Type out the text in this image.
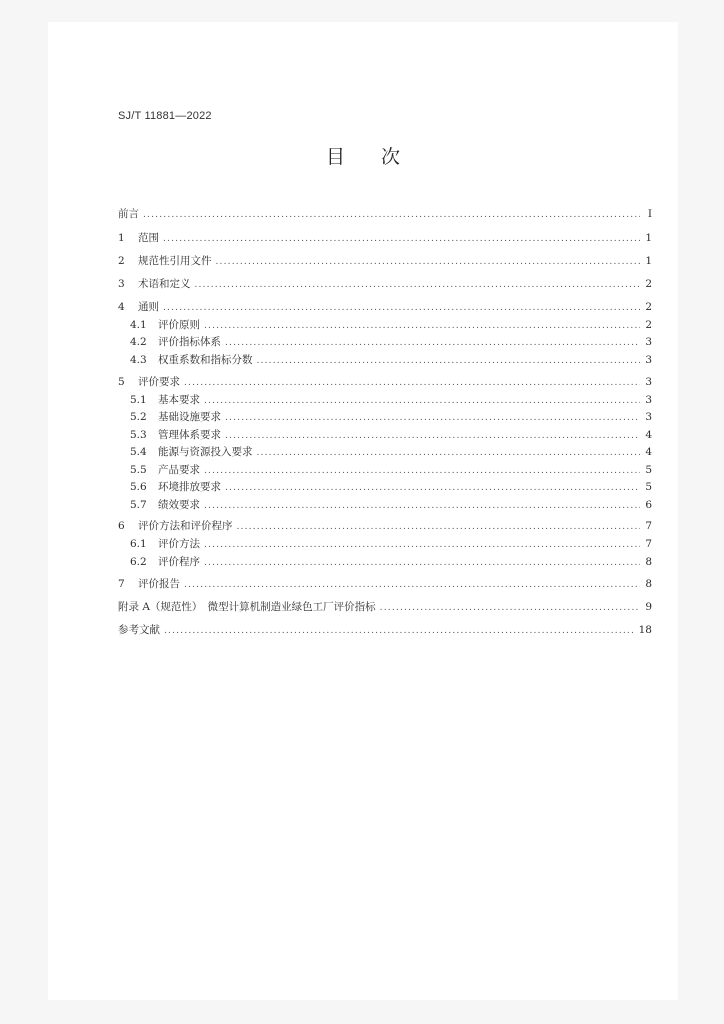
SJ/T 11881—2022
目次
前言 .....	I
1	范围 .....	1
2	规范性引用文件 .....	1
3	术语和定义 .....	2
4	通则 .....	2
4.1	评价原则 .....	2
4.2	评价指标体系 .....	3
4.3	权重系数和指标分数 .....	3
5	评价要求 .....	3
5.1	基本要求 .....	3
5.2	基础设施要求 .....	3
5.3	管理体系要求 .....	4
5.4	能源与资源投入要求 .....	4
5.5	产品要求 .....	5
5.6	环境排放要求 .....	5
5.7	绩效要求 .....	6
6	评价方法和评价程序 .....	7
6.1	评价方法 .....	7
6.2	评价程序 .....	8
7	评价报告 .....	8
附录 A（规范性）　微型计算机制造业绿色工厂评价指标 .....	9
参考文献 .....	18
